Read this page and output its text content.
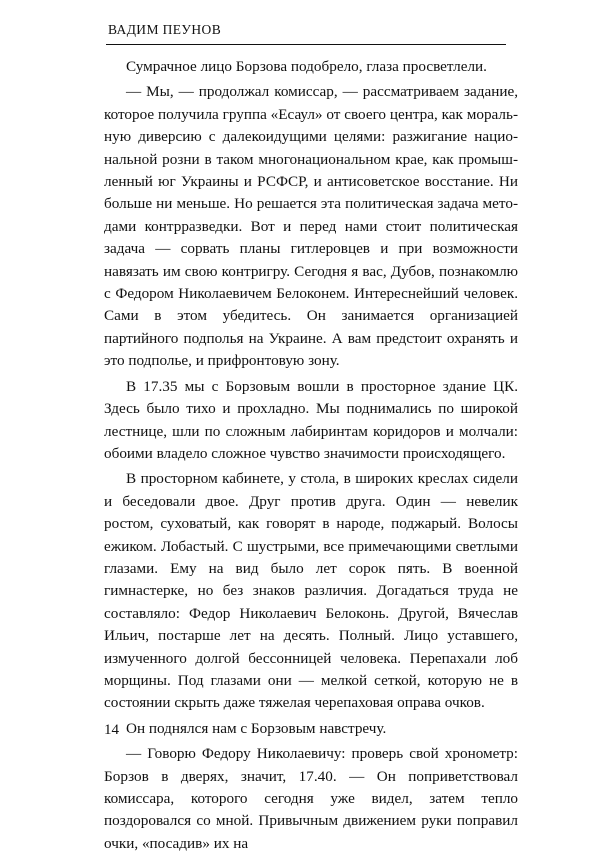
ВАДИМ ПЕУНОВ

Сумрачное лицо Борзова подобрело, глаза просветлели.

— Мы, — продолжал комиссар, — рассматриваем задание, которое получила группа «Есаул» от своего центра, как моральную диверсию с далекоидущими целями: разжигание национальной розни в таком многонациональном крае, как промышленный юг Украины и РСФСР, и антисоветское восстание. Ни больше ни меньше. Но решается эта политическая задача методами контрразведки. Вот и перед нами стоит политическая задача — сорвать планы гитлеровцев и при возможности навязать им свою контригру. Сегодня я вас, Дубов, познакомлю с Федором Николаевичем Белоконем. Интереснейший человек. Сами в этом убедитесь. Он занимается организацией партийного подполья на Украине. А вам предстоит охранять и это подполье, и прифронтовую зону.

В 17.35 мы с Борзовым вошли в просторное здание ЦК. Здесь было тихо и прохладно. Мы поднимались по широкой лестнице, шли по сложным лабиринтам коридоров и молчали: обоими владело сложное чувство значимости происходящего.

В просторном кабинете, у стола, в широких креслах сидели и беседовали двое. Друг против друга. Один — невелик ростом, суховатый, как говорят в народе, поджарый. Волосы ежиком. Лобастый. С шустрыми, все примечающими светлыми глазами. Ему на вид было лет сорок пять. В военной гимнастерке, но без знаков различия. Догадаться труда не составляло: Федор Николаевич Белоконь. Другой, Вячеслав Ильич, постарше лет на десять. Полный. Лицо уставшего, измученного долгой бессонницей человека. Перепахали лоб морщины. Под глазами они — мелкой сеткой, которую не в состоянии скрыть даже тяжелая черепаховая оправа очков.

Он поднялся нам с Борзовым навстречу.

— Говорю Федору Николаевичу: проверь свой хронометр: Борзов в дверях, значит, 17.40. — Он поприветствовал комиссара, которого сегодня уже видел, затем тепло поздоровался со мной. Привычным движением руки поправил очки, «посадив» их на

14
